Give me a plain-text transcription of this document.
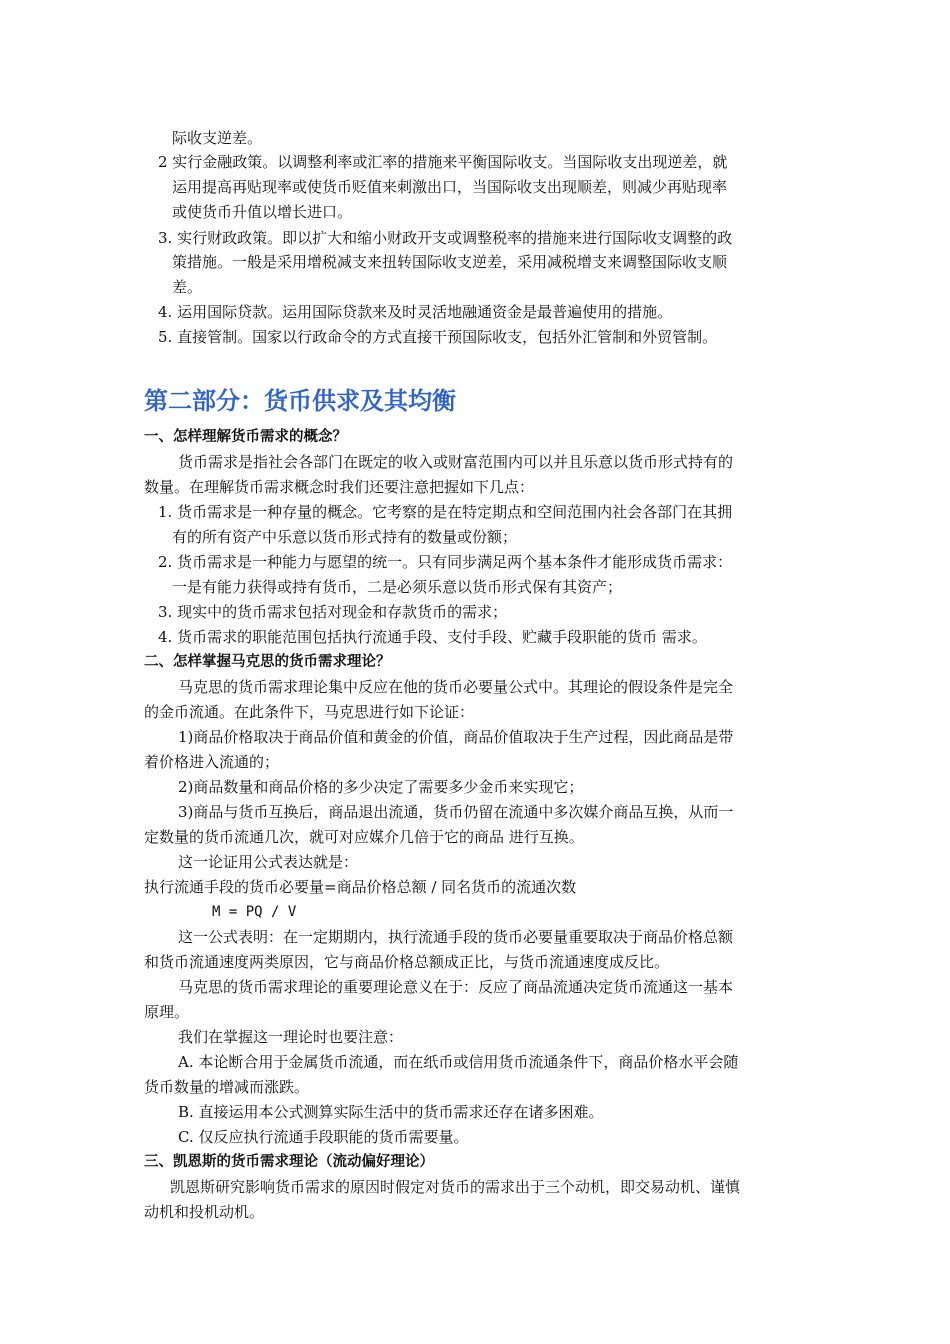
际收支逆差。
2 实行金融政策。以调整利率或汇率的措施来平衡国际收支。当国际收支出现逆差，就
运用提高再贴现率或使货币贬值来刺激出口，当国际收支出现顺差，则减少再贴现率
或使货币升值以增长进口。
3. 实行财政政策。即以扩大和缩小财政开支或调整税率的措施来进行国际收支调整的政
策措施。一般是采用增税减支来扭转国际收支逆差，采用减税增支来调整国际收支顺
差。
4. 运用国际贷款。运用国际贷款来及时灵活地融通资金是最普遍使用的措施。
5. 直接管制。国家以行政命令的方式直接干预国际收支，包括外汇管制和外贸管制。
第二部分：货币供求及其均衡
一、怎样理解货币需求的概念？
货币需求是指社会各部门在既定的收入或财富范围内可以并且乐意以货币形式持有的
数量。在理解货币需求概念时我们还要注意把握如下几点：
1. 货币需求是一种存量的概念。它考察的是在特定期点和空间范围内社会各部门在其拥
有的所有资产中乐意以货币形式持有的数量或份额；
2. 货币需求是一种能力与愿望的统一。只有同步满足两个基本条件才能形成货币需求：
一是有能力获得或持有货币，二是必须乐意以货币形式保有其资产；
3. 现实中的货币需求包括对现金和存款货币的需求；
4. 货币需求的职能范围包括执行流通手段、支付手段、贮藏手段职能的货币 需求。
二、怎样掌握马克思的货币需求理论？
马克思的货币需求理论集中反应在他的货币必要量公式中。其理论的假设条件是完全
的金币流通。在此条件下，马克思进行如下论证：
1)商品价格取决于商品价值和黄金的价值，商品价值取决于生产过程，因此商品是带
着价格进入流通的；
2)商品数量和商品价格的多少决定了需要多少金币来实现它；
3)商品与货币互换后，商品退出流通，货币仍留在流通中多次媒介商品互换，从而一
定数量的货币流通几次，就可对应媒介几倍于它的商品 进行互换。
这一论证用公式表达就是：
执行流通手段的货币必要量=商品价格总额 / 同名货币的流通次数
M = PQ / V
这一公式表明：在一定期期内，执行流通手段的货币必要量重要取决于商品价格总额
和货币流通速度两类原因，它与商品价格总额成正比，与货币流通速度成反比。
马克思的货币需求理论的重要理论意义在于：反应了商品流通决定货币流通这一基本
原理。
我们在掌握这一理论时也要注意：
A. 本论断合用于金属货币流通，而在纸币或信用货币流通条件下，商品价格水平会随
货币数量的增减而涨跌。
B. 直接运用本公式测算实际生活中的货币需求还存在诸多困难。
C. 仅反应执行流通手段职能的货币需要量。
三、凯恩斯的货币需求理论（流动偏好理论）
凯恩斯研究影响货币需求的原因时假定对货币的需求出于三个动机，即交易动机、谨慎
动机和投机动机。
